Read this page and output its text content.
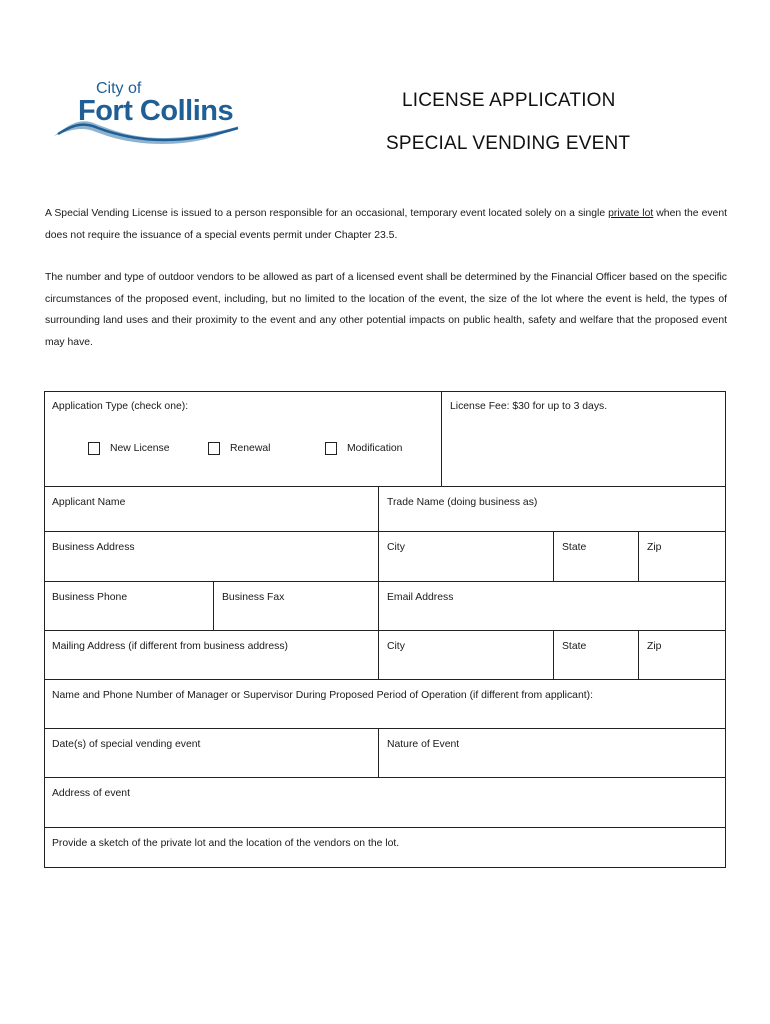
City of
Fort Collins	LICENSE APPLICATION
SPECIAL VENDING EVENT

A Special Vending License is issued to a person responsible for an occasional, temporary event located solely on a single private lot when the event does not require the issuance of a special events permit under Chapter 23.5.

The number and type of outdoor vendors to be allowed as part of a licensed event shall be determined by the Financial Officer based on the specific circumstances of the proposed event, including, but no limited to the location of the event, the size of the lot where the event is held, the types of surrounding land uses and their proximity to the event and any other potential impacts on public health, safety and welfare that the proposed event may have.

Application Type (check one):
New License	Renewal	Modification
License Fee: $30 for up to 3 days.
Applicant Name	Trade Name (doing business as)
Business Address	City	State	Zip
Business Phone	Business Fax	Email Address
Mailing Address (if different from business address)	City	State	Zip
Name and Phone Number of Manager or Supervisor During Proposed Period of Operation (if different from applicant):
Date(s) of special vending event	Nature of Event
Address of event
Provide a sketch of the private lot and the location of the vendors on the lot.
